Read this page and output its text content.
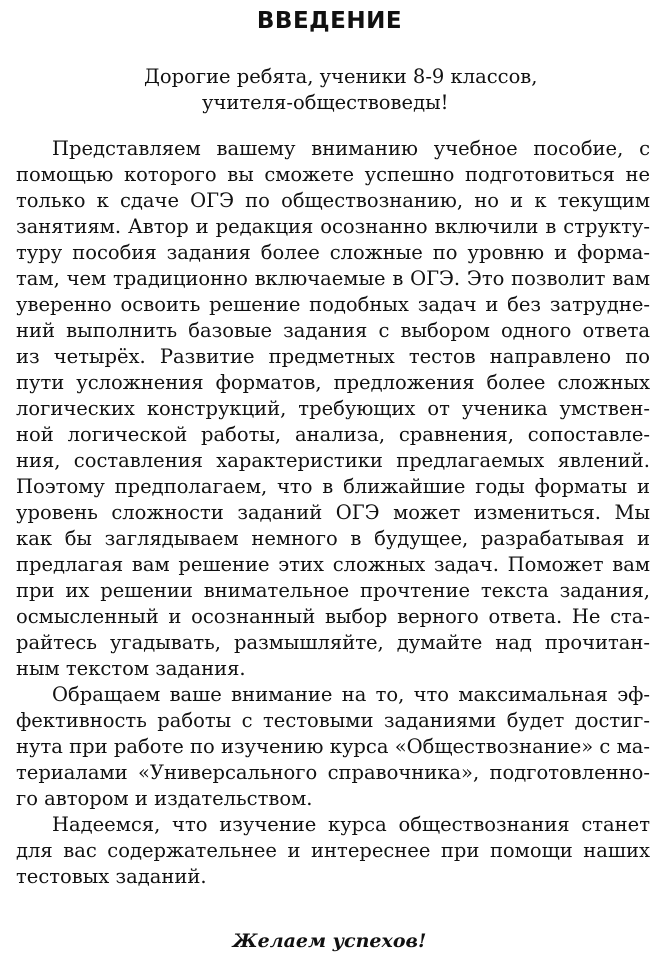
ВВЕДЕНИЕ
Дорогие ребята, ученики 8-9 классов,
учителя-обществоведы!
Представляем вашему вниманию учебное пособие, с
помощью которого вы сможете успешно подготовиться не
только к сдаче ОГЭ по обществознанию, но и к текущим
занятиям. Автор и редакция осознанно включили в структу-
туру пособия задания более сложные по уровню и форма-
там, чем традиционно включаемые в ОГЭ. Это позволит вам
уверенно освоить решение подобных задач и без затрудне-
ний выполнить базовые задания с выбором одного ответа
из четырёх. Развитие предметных тестов направлено по
пути усложнения форматов, предложения более сложных
логических конструкций, требующих от ученика умствен-
ной логической работы, анализа, сравнения, сопоставле-
ния, составления характеристики предлагаемых явлений.
Поэтому предполагаем, что в ближайшие годы форматы и
уровень сложности заданий ОГЭ может измениться. Мы
как бы заглядываем немного в будущее, разрабатывая и
предлагая вам решение этих сложных задач. Поможет вам
при их решении внимательное прочтение текста задания,
осмысленный и осознанный выбор верного ответа. Не ста-
райтесь угадывать, размышляйте, думайте над прочитан-
ным текстом задания.
Обращаем ваше внимание на то, что максимальная эф-
фективность работы с тестовыми заданиями будет достиг-
нута при работе по изучению курса «Обществознание» с ма-
териалами «Универсального справочника», подготовленно-
го автором и издательством.
Надеемся, что изучение курса обществознания станет
для вас содержательнее и интереснее при помощи наших
тестовых заданий.
Желаем успехов!
